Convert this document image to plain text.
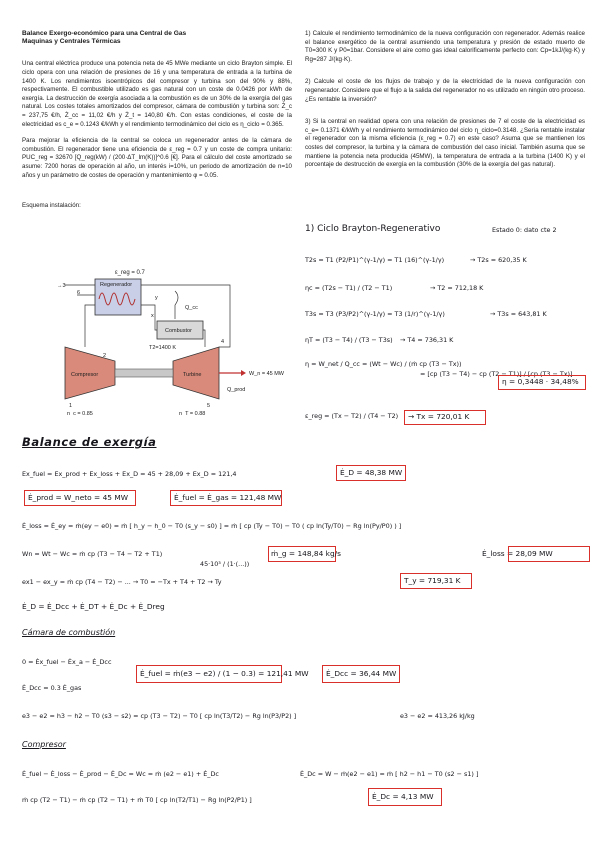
Balance Exergo-económico para una Central de Gas
Maquinas y Centrales Térmicas
Una central eléctrica produce una potencia neta de 45 MWe mediante un ciclo Brayton simple. El ciclo opera con una relación de presiones de 16 y una temperatura de entrada a la turbina de 1400 K. Los rendimientos isoentrópicos del compresor y turbina son del 90% y 88%, respectivamente. El combustible utilizado es gas natural con un coste de 0.0426 por kWh de exergía. La destrucción de exergía asociada a la combustión es de un 30% de la exergía del gas natural. Los costes totales amortizados del compresor, cámara de combustión y turbina son: Ż_c = 237,75 €/h, Ż_cc = 11,02 €/h y Ż_t = 140,80 €/h. Con estas condiciones, el coste de la electricidad es c_e = 0.1243 €/kWh y el rendimiento termodinámico del ciclo es η_ciclo = 0.365.
Para mejorar la eficiencia de la central se coloca un regenerador antes de la cámara de combustión. El regenerador tiene una eficiencia de ε_reg = 0.7 y un coste de compra unitario: PUC_reg = 32670 [Q_reg(kW) / (200·ΔT_lm(K))]^0.6 [€]. Para el cálculo del coste amortizado se asume: 7200 horas de operación al año, un interés i=10%, un periodo de amortización de n=10 años y un parámetro de costes de operación y mantenimiento φ = 0.05.
Esquema instalación:
1) Calcule el rendimiento termodinámico de la nueva configuración con regenerador. Además realice el balance exergético de la central asumiendo una temperatura y presión de estado muerto de T0=300 K y P0=1bar. Considere el aire como gas ideal calorificamente perfecto con: Cp=1kJ/(kg·K) y Rg=287 J/(kg·K).
2) Calcule el coste de los flujos de trabajo y de la electricidad de la nueva configuración con regenerador. Considere que el flujo a la salida del regenerador no es utilizado en ningún otro proceso. ¿Es rentable la inversión?
3) Si la central en realidad opera con una relación de presiones de 7 el coste de la electricidad es c_e= 0.1371 €/kWh y el rendimiento termodinámico del ciclo η_ciclo=0.3148. ¿Sería rentable instalar el regenerador con la misma eficiencia (ε_reg = 0.7) en este caso? Asuma que se mantienen los costes del compresor, la turbina y la cámara de combustión del caso inicial. También asuma que se mantiene la potencia neta producida (45MW), la temperatura de entrada a la turbina (1400 K) y el porcentaje de destrucción de exergía en la combustión (30% de la exergía del gas natural).
Regenerador
ε_reg = 0.7
Combustor
Q_cc
Compresor	Turbine
→3
6
2
x
y
1
4
5
T2=1400 K
W_n = 45 MW
Q_prod
η_c = 0.85	η_T = 0.88
1) Ciclo Brayton-Regenerativo	Estado 0: dato cte 2
T2s = T1 (P2/P1)^(γ-1/γ) = T1 (16)^(γ-1/γ)	→ T2s = 620,35 K
ηc = (T2s − T1) / (T2 − T1)	→ T2 = 712,18 K
T3s = T3 (P3/P2)^(γ-1/γ) = T3 (1/r)^(γ-1/γ)	→ T3s = 643,81 K
ηT = (T3 − T4) / (T3 − T3s) → T4 = 736,31 K
η = W_net / Q_cc = (Wt − Wc) / (ṁ cp (T3 − Tx))
= [cp (T3 − T4) − cp (T2 − T1)] / [cp (T3 − Tx)]
η = 0,3448 · 34,48%
ε_reg = (Tx − T2) / (T4 − T2) → Tx = 720,01 K
Balance de exergía
Ex_fuel = Ex_prod + Ex_loss + Ex_D = 45 + 28,09 + Ex_D = 121,4	Ė_D = 48,38 MW
Ė_prod = W_neto = 45 MW	Ė_fuel = Ė_gas = 121,48 MW
Ė_loss = Ė_ey = ṁ(ey − e0) = ṁ [ h_y − h_0 − T0 (s_y − s0) ] = ṁ [ cp (Ty − T0) − T0 ( cp ln(Ty/T0) − Rg ln(Py/P0) ) ]
Wn = Wt − Wc = ṁ cp (T3 − T4 − T2 + T1)
45·10³ / (1·(...))
ṁ_g = 148,84 kg/s	Ė_loss = 28,09 MW
ex1 − ex_y = ṁ cp (T4 − T2) − ... → T0 = −Tx + T4 + T2 → Ty	T_y = 719,31 K
Ė_D = Ė_Dcc + Ė_DT + Ė_Dc + Ė_Dreg
Cámara de combustión
0 = Ėx_fuel − Ėx_a − Ė_Dcc
Ė_Dcc = 0.3 Ė_gas
Ė_fuel = ṁ(e3 − e2) / (1 − 0.3) = 121,41 MW Ė_Dcc = 36,44 MW
e3 − e2 = h3 − h2 − T0 (s3 − s2) = cp (T3 − T2) − T0 [ cp ln(T3/T2) − Rg ln(P3/P2) ]	e3 − e2 = 413,26 kJ/kg
Compresor
Ė_fuel − Ė_loss − Ė_prod − Ė_Dc = Wc = ṁ (e2 − e1) + Ė_Dc	Ė_Dc = W − ṁ(e2 − e1) = ṁ [ h2 − h1 − T0 (s2 − s1) ]
ṁ cp (T2 − T1) − ṁ cp (T2 − T1) + ṁ T0 [ cp ln(T2/T1) − Rg ln(P2/P1) ]	Ė_Dc = 4,13 MW
